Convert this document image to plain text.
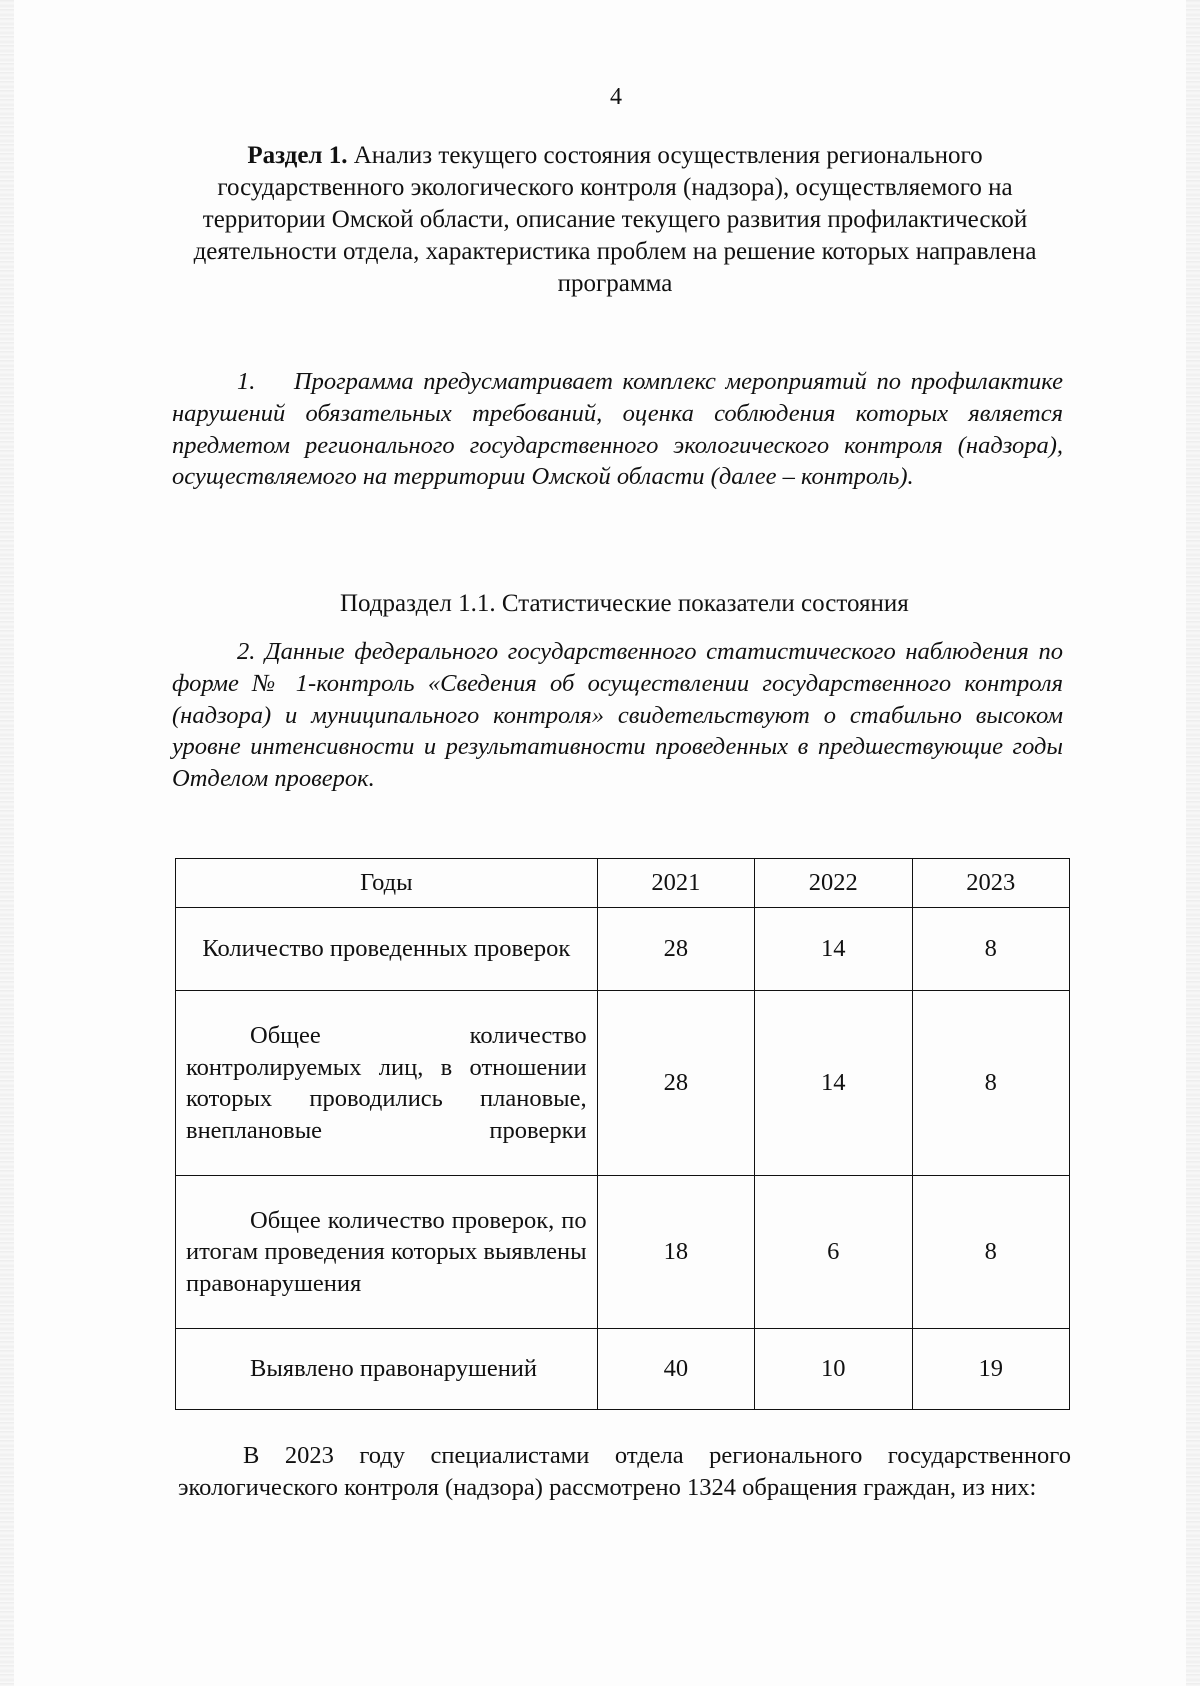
4
Раздел 1. Анализ текущего состояния осуществления регионального государственного экологического контроля (надзора), осуществляемого на территории Омской области, описание текущего развития профилактической деятельности отдела, характеристика проблем на решение которых направлена программа

1.    Программа предусматривает комплекс мероприятий по профилактике нарушений обязательных требований, оценка соблюдения которых является предметом регионального государственного экологического контроля (надзора), осуществляемого на территории Омской области (далее – контроль).

Подраздел 1.1. Статистические показатели состояния

2. Данные федерального государственного статистического наблюдения по форме № 1-контроль «Сведения об осуществлении государственного контроля (надзора) и муниципального контроля» свидетельствуют о стабильно высоком уровне интенсивности и результативности проведенных в предшествующие годы Отделом проверок.

Годы	2021	2022	2023

Количество проведенных проверок	28	14	8

Общее количество контролируемых лиц, в отношении которых проводились плановые, внеплановые проверки	28	14	8

Общее количество проверок, по итогам проведения которых выявлены правонарушения	18	6	8

Выявлено правонарушений	40	10	19

В 2023 году специалистами отдела регионального государственного экологического контроля (надзора) рассмотрено 1324 обращения граждан, из них:
